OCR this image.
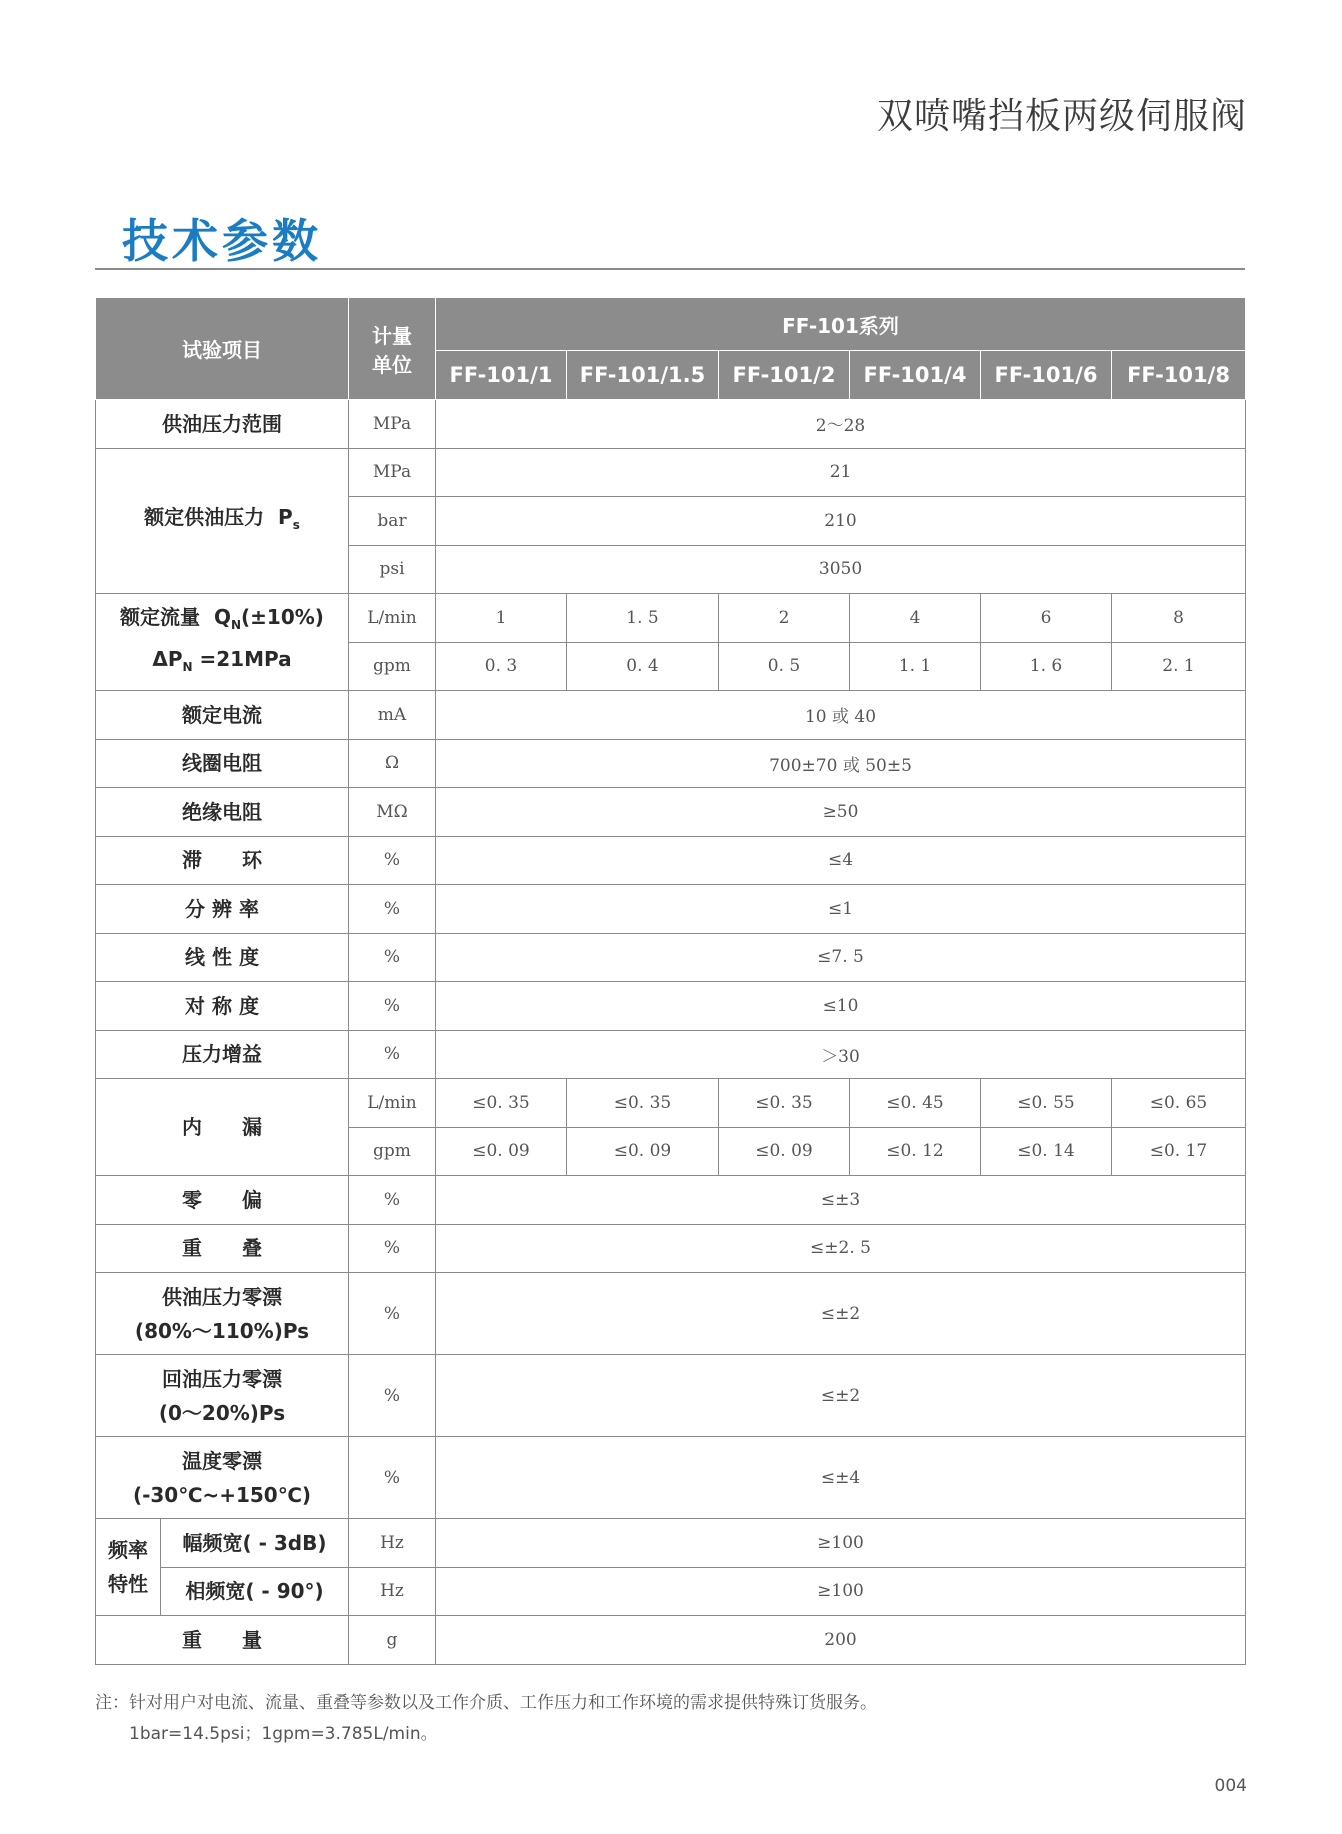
双喷嘴挡板两级伺服阀
技术参数
试验项目		计量
单位	FF-101系列					
			FF-101/1	FF-101/1.5	FF-101/2	FF-101/4	FF-101/6	FF-101/8
供油压力范围		MPa	2～28					
额定供油压力 $P_s$		MPa	21					
		bar	210					
		psi	3050					

额定流量 $Q_N(\pm 10\%)$
$\Delta P_N =21MPa$		L/min	1	1. 5	2	4	6	8
		gpm	0. 3	0. 4	0. 5	1. 1	1. 6	2. 1
额定电流		mA	10 或 40					
线圈电阻		Ω	700±70 或 50±5					
绝缘电阻		MΩ	≥50					
滞　　环		%	≤4					
分 辨 率		%	≤1					
线 性 度		%	≤7. 5					
对 称 度		%	≤10					
压力增益		%	＞30					
内　　漏		L/min	≤0. 35	≤0. 35	≤0. 35	≤0. 45	≤0. 55	≤0. 65
		gpm	≤0. 09	≤0. 09	≤0. 09	≤0. 12	≤0. 14	≤0. 17
零　　偏		%	≤±3					
重　　叠		%	≤±2. 5					

供油压力零漂
(80%～110%)Ps		%	≤±2					

回油压力零漂
(0～20%)Ps		%	≤±2					

温度零漂
(-30℃~+150℃)		%	≤±4					

频率
特性	幅频宽( - 3dB)	Hz	≥100					
	相频宽( - 90°)	Hz	≥100					
重　　量		g	200					
注：针对用户对电流、流量、重叠等参数以及工作介质、工作压力和工作环境的需求提供特殊订货服务。
1bar=14.5psi；1gpm=3.785L/min。
004
